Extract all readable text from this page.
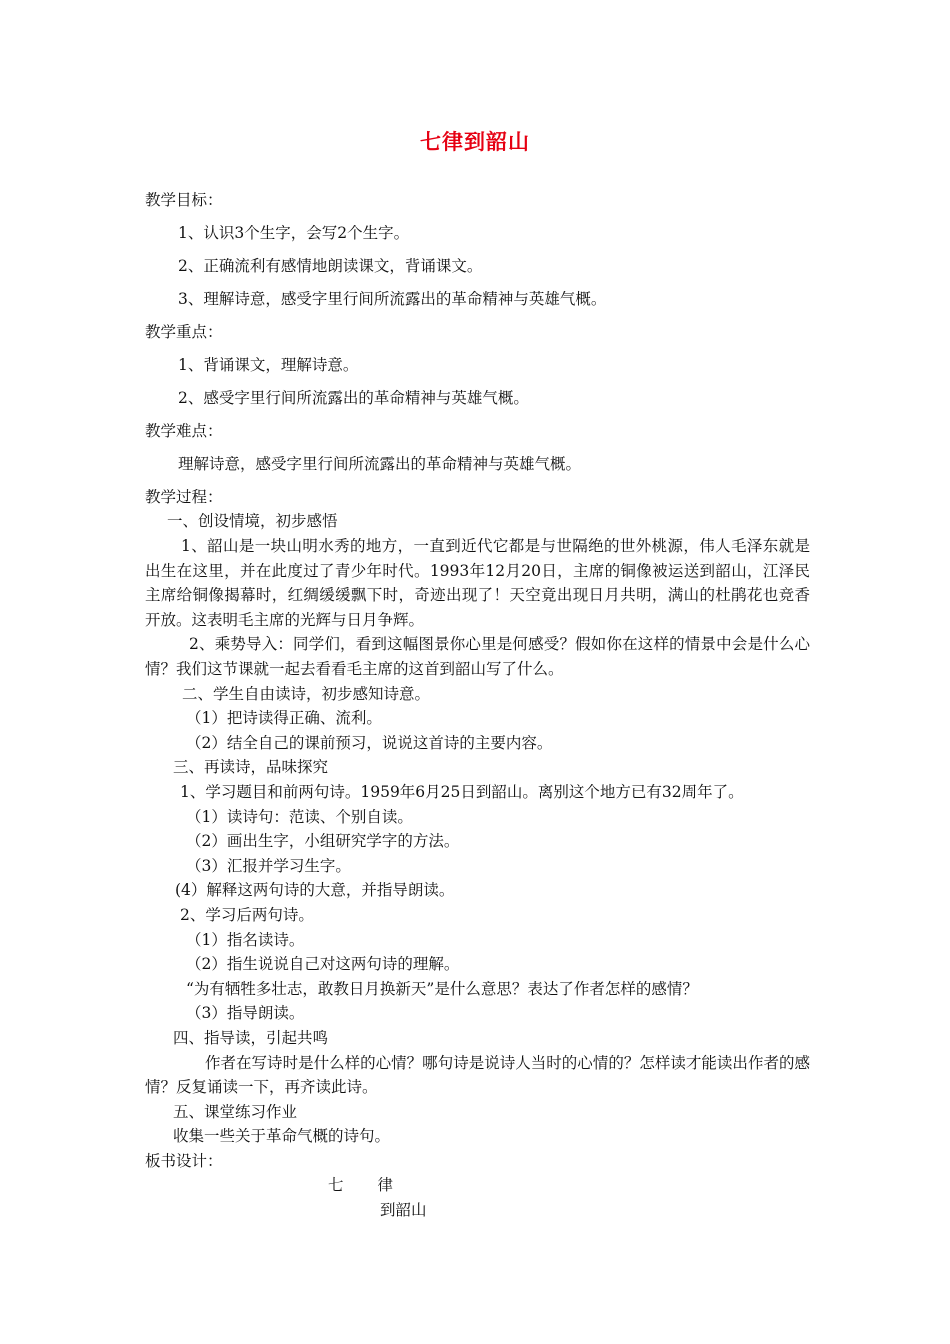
七律到韶山
教学目标：
1、认识3个生字，会写2个生字。
2、正确流利有感情地朗读课文，背诵课文。
3、理解诗意，感受字里行间所流露出的革命精神与英雄气概。
教学重点：
1、背诵课文，理解诗意。
2、感受字里行间所流露出的革命精神与英雄气概。
教学难点：
理解诗意，感受字里行间所流露出的革命精神与英雄气概。
教学过程：
一、创设情境，初步感悟
1、韶山是一块山明水秀的地方，一直到近代它都是与世隔绝的世外桃源，伟人毛泽东就是出生在这里，并在此度过了青少年时代。1993年12月20日，主席的铜像被运送到韶山，江泽民主席给铜像揭幕时，红绸缓缓飘下时，奇迹出现了！天空竟出现日月共明，满山的杜鹃花也竞香开放。这表明毛主席的光辉与日月争辉。
2、乘势导入：同学们，看到这幅图景你心里是何感受？假如你在这样的情景中会是什么心情？我们这节课就一起去看看毛主席的这首到韶山写了什么。
二、学生自由读诗，初步感知诗意。
（1）把诗读得正确、流利。
（2）结全自己的课前预习，说说这首诗的主要内容。
三、再读诗，品味探究
1、学习题目和前两句诗。1959年6月25日到韶山。离别这个地方已有32周年了。
（1）读诗句：范读、个别自读。
（2）画出生字，小组研究学字的方法。
（3）汇报并学习生字。
(4）解释这两句诗的大意，并指导朗读。
2、学习后两句诗。
（1）指名读诗。
（2）指生说说自己对这两句诗的理解。
“为有牺牲多壮志，敢教日月换新天”是什么意思？表达了作者怎样的感情？
（3）指导朗读。
四、指导读，引起共鸣
作者在写诗时是什么样的心情？哪句诗是说诗人当时的心情的？怎样读才能读出作者的感情？反复诵读一下，再齐读此诗。
五、课堂练习作业
收集一些关于革命气概的诗句。
板书设计：
七 律
到韶山
